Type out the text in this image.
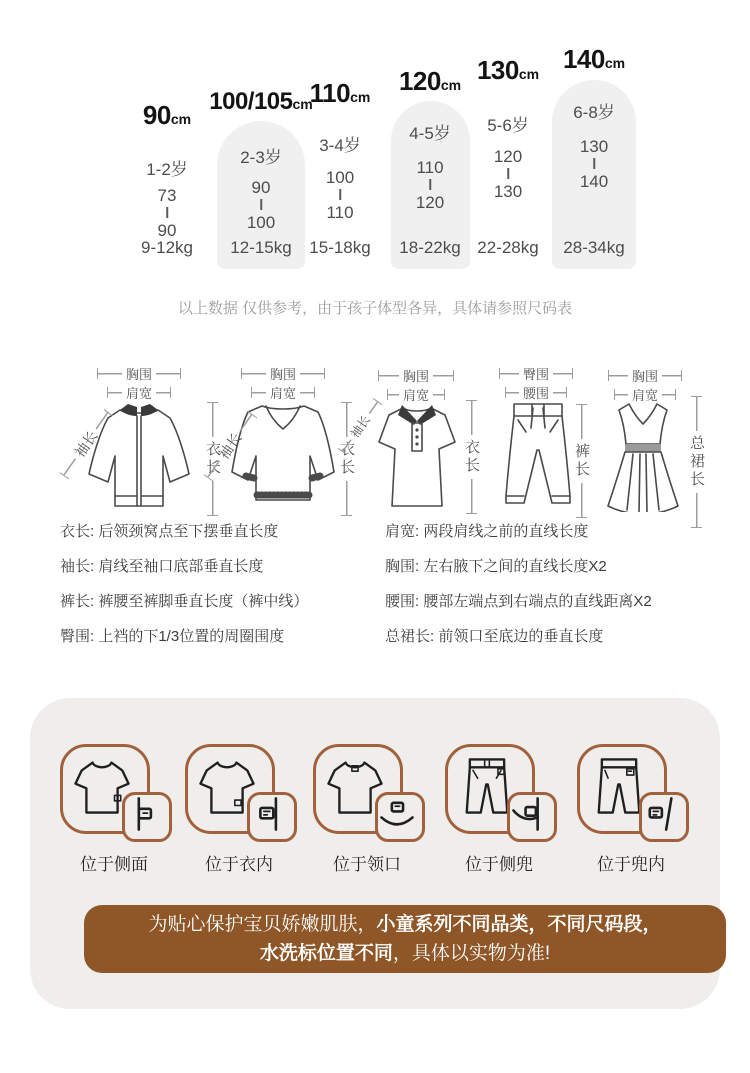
90cm
1-2岁
73
90
9-12kg
100/105cm
2-3岁
90
100
12-15kg
110cm
3-4岁
100
110
15-18kg
120cm
4-5岁
110
120
18-22kg
130cm
5-6岁
120
130
22-28kg
140cm
6-8岁
130
140
28-34kg
以上数据 仅供参考，由于孩子体型各异，具体请参照尺码表
胸围
肩宽
袖长	衣长
胸围
肩宽
袖长	衣长
胸围
肩宽
袖长
衣长
臀围
腰围
裤长
胸围
肩宽
总裙长
衣长: 后领颈窝点至下摆垂直长度
袖长: 肩线至袖口底部垂直长度
裤长: 裤腰至裤脚垂直长度（裤中线）
臀围: 上裆的下1/3位置的周圈围度
肩宽: 两段肩线之前的直线长度
胸围: 左右腋下之间的直线长度X2
腰围: 腰部左端点到右端点的直线距离X2
总裙长: 前领口至底边的垂直长度
位于侧面	位于衣内	位于领口	位于侧兜	位于兜内
为贴心保护宝贝娇嫩肌肤，小童系列不同品类，不同尺码段，
水洗标位置不同，具体以实物为准!
